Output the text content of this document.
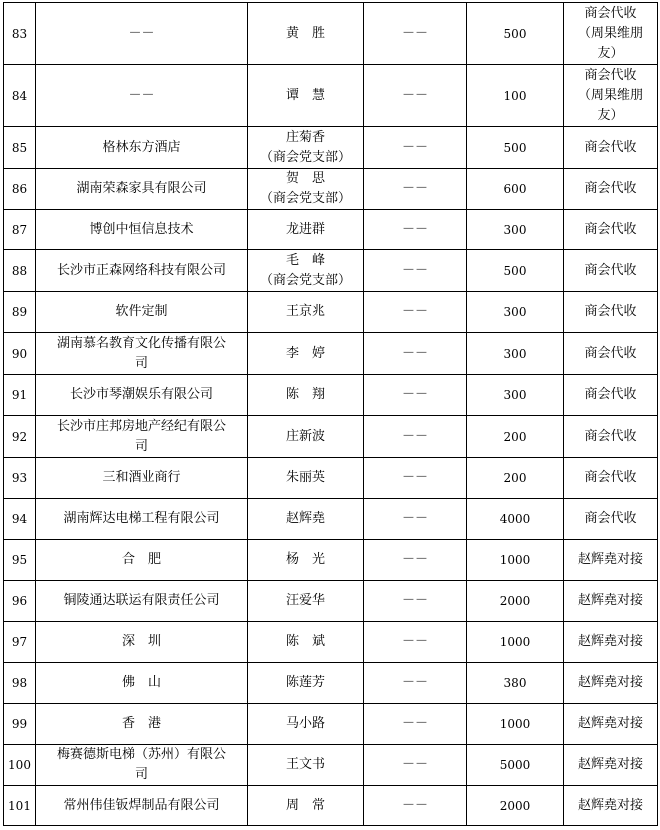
83	－－	黄　胜	－－	500	商会代收
（周果维朋
友）

84	－－	谭　慧	－－	100	商会代收
（周果维朋
友）

85	格林东方酒店	庄菊香
（商会党支部）	－－	500	商会代收

86	湖南荣森家具有限公司	贺　思
（商会党支部）	－－	600	商会代收

87	博创中恒信息技术	龙进群	－－	300	商会代收

88	长沙市正森网络科技有限公司	毛　峰
（商会党支部）	－－	500	商会代收

89	软件定制	王京兆	－－	300	商会代收

90	湖南慕名教育文化传播有限公
司	李　婷	－－	300	商会代收

91	长沙市琴潮娱乐有限公司	陈　翔	－－	300	商会代收

92	长沙市庄邦房地产经纪有限公
司	庄新波	－－	200	商会代收

93	三和酒业商行	朱丽英	－－	200	商会代收

94	湖南辉达电梯工程有限公司	赵辉堯	－－	4000	商会代收

95	合　肥	杨　光	－－	1000	赵辉堯对接

96	铜陵通达联运有限责任公司	汪爱华	－－	2000	赵辉堯对接

97	深　圳	陈　斌	－－	1000	赵辉堯对接

98	佛　山	陈莲芳	－－	380	赵辉堯对接

99	香　港	马小路	－－	1000	赵辉堯对接

100	梅赛德斯电梯（苏州）有限公
司	王文书	－－	5000	赵辉堯对接

101	常州伟佳钣焊制品有限公司	周　常	－－	2000	赵辉堯对接
